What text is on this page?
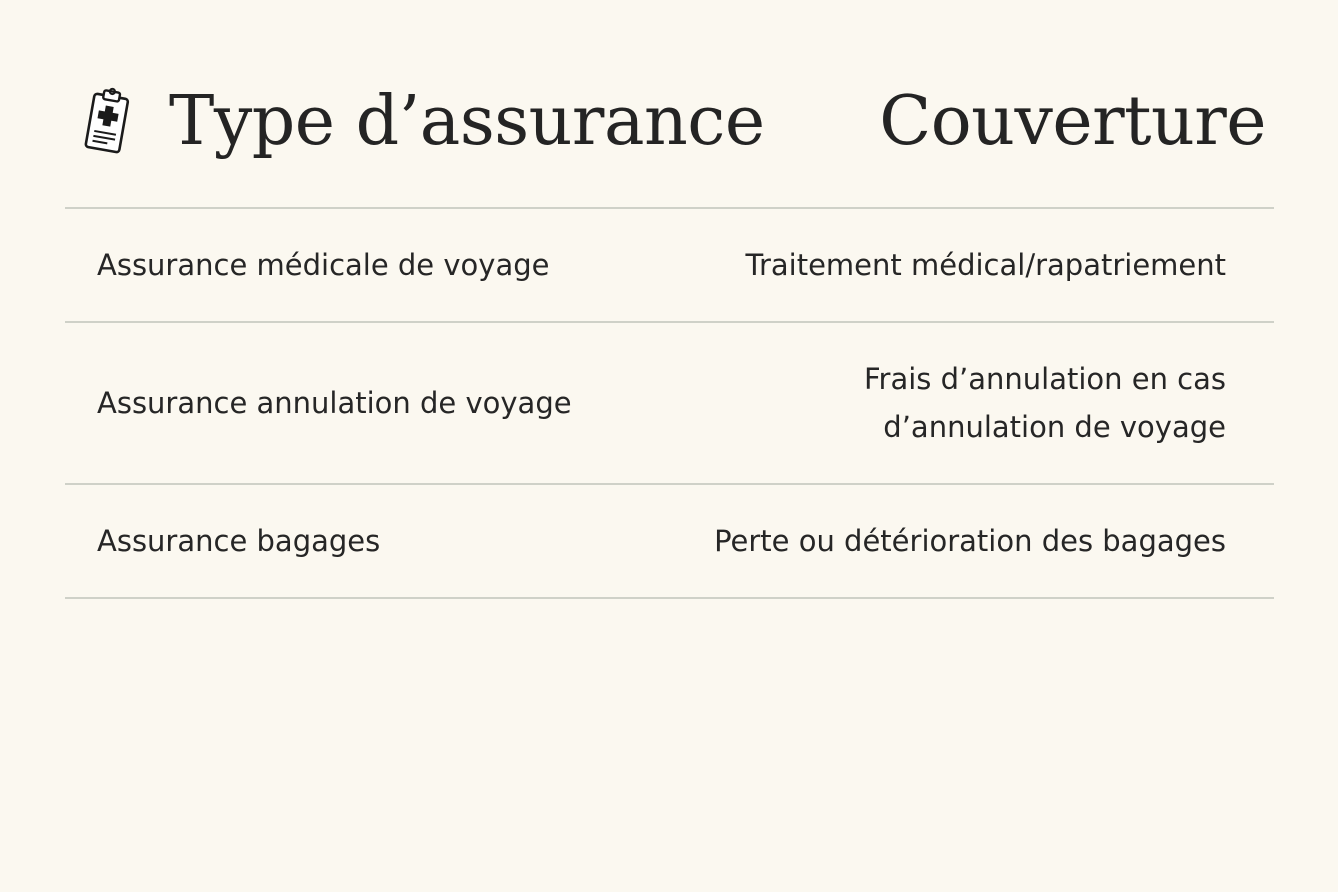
Type d’assurance Couverture
Assurance médicale de voyage	Traitement médical/rapatriement
Assurance annulation de voyage
Frais d’annulation en cas
d’annulation de voyage
Assurance bagages	Perte ou détérioration des bagages
